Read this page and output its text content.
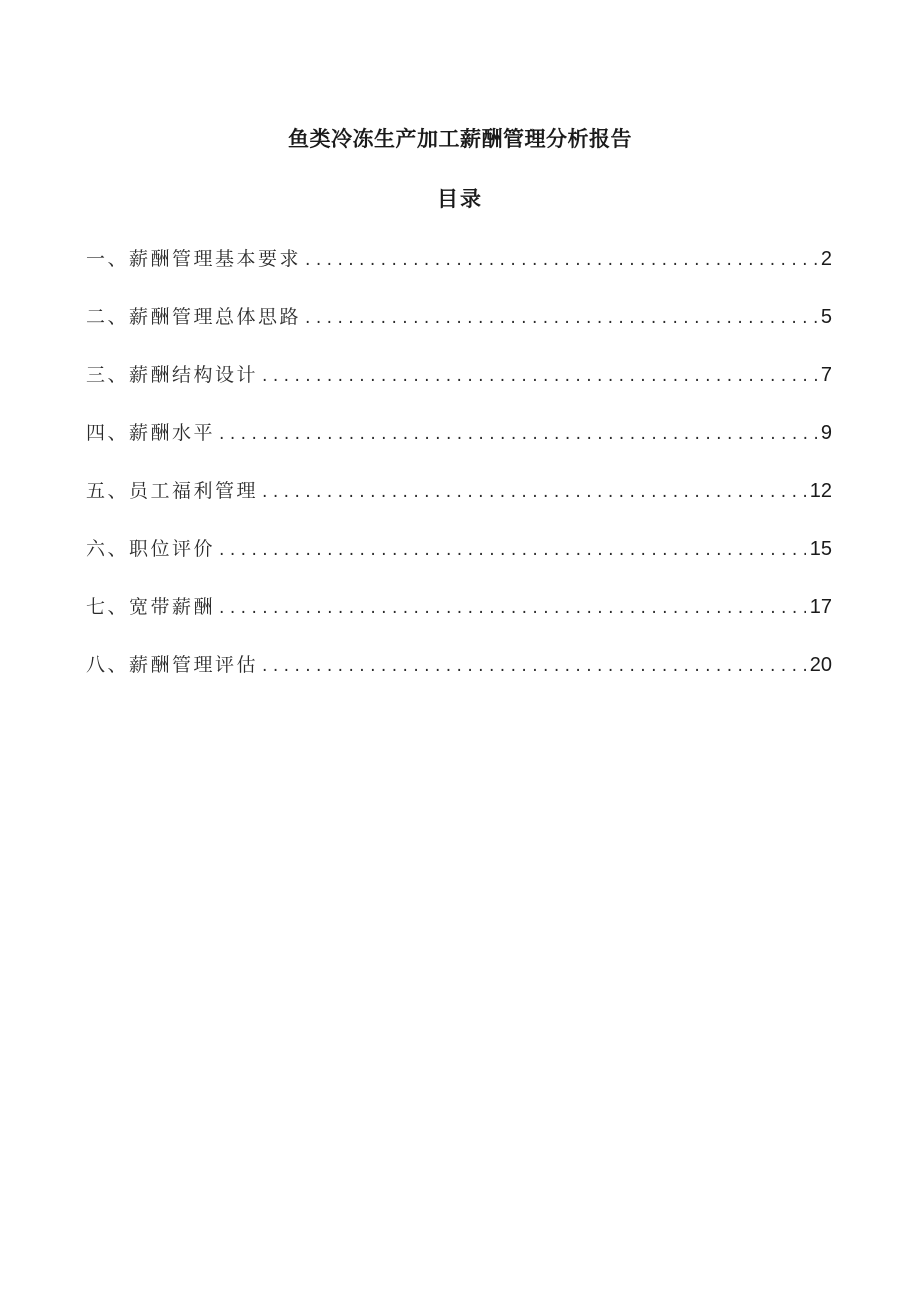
鱼类冷冻生产加工薪酬管理分析报告
目录
一、薪酬管理基本要求 . . .	2
二、薪酬管理总体思路 . . .	5
三、薪酬结构设计 . . .	7
四、薪酬水平 . . .	9
五、员工福利管理 . . .	12
六、职位评价 . . .	15
七、宽带薪酬 . . .	17
八、薪酬管理评估 . . .	20
